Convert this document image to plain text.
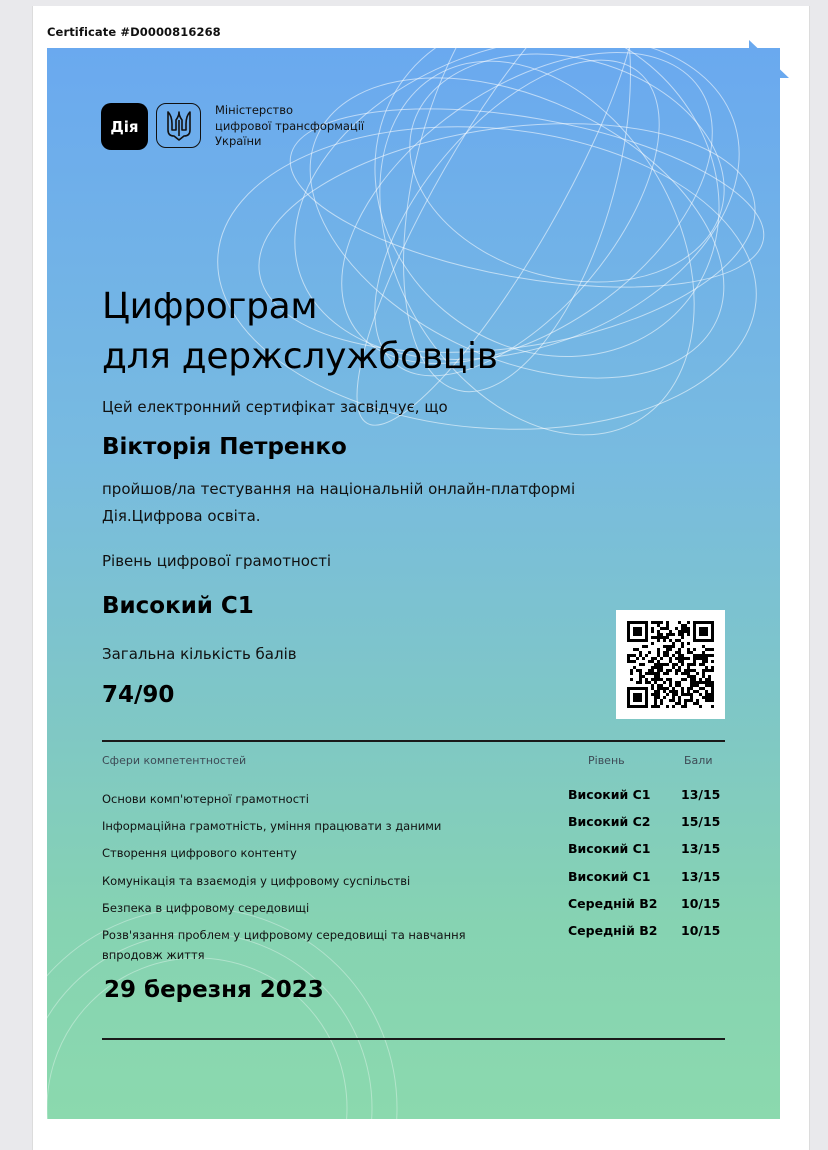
Certificate #D0000816268
Дія
Міністерство
цифрової трансформації
України
Цифрограм
для держслужбовців
Цей електронний сертифікат засвідчує, що
Вікторія Петренко
пройшов/ла тестування на національній онлайн-платформі
Дія.Цифрова освіта.
Рівень цифрової грамотності
Високий С1
Загальна кількість балів
74/90
Сфери компетентностей	Рівень	Бали
Основи комп'ютерної грамотності	Високий С1 13/15
Інформаційна грамотність, уміння працювати з даними	Високий С2 15/15
Створення цифрового контенту	Високий С1 13/15
Комунікація та взаємодія у цифровому суспільстві	Високий С1 13/15
Безпека в цифровому середовищі	Середній В2 10/15
Розв'язання проблем у цифровому середовищі та навчання впродовж життя
Середній В2 10/15
29 березня 2023
